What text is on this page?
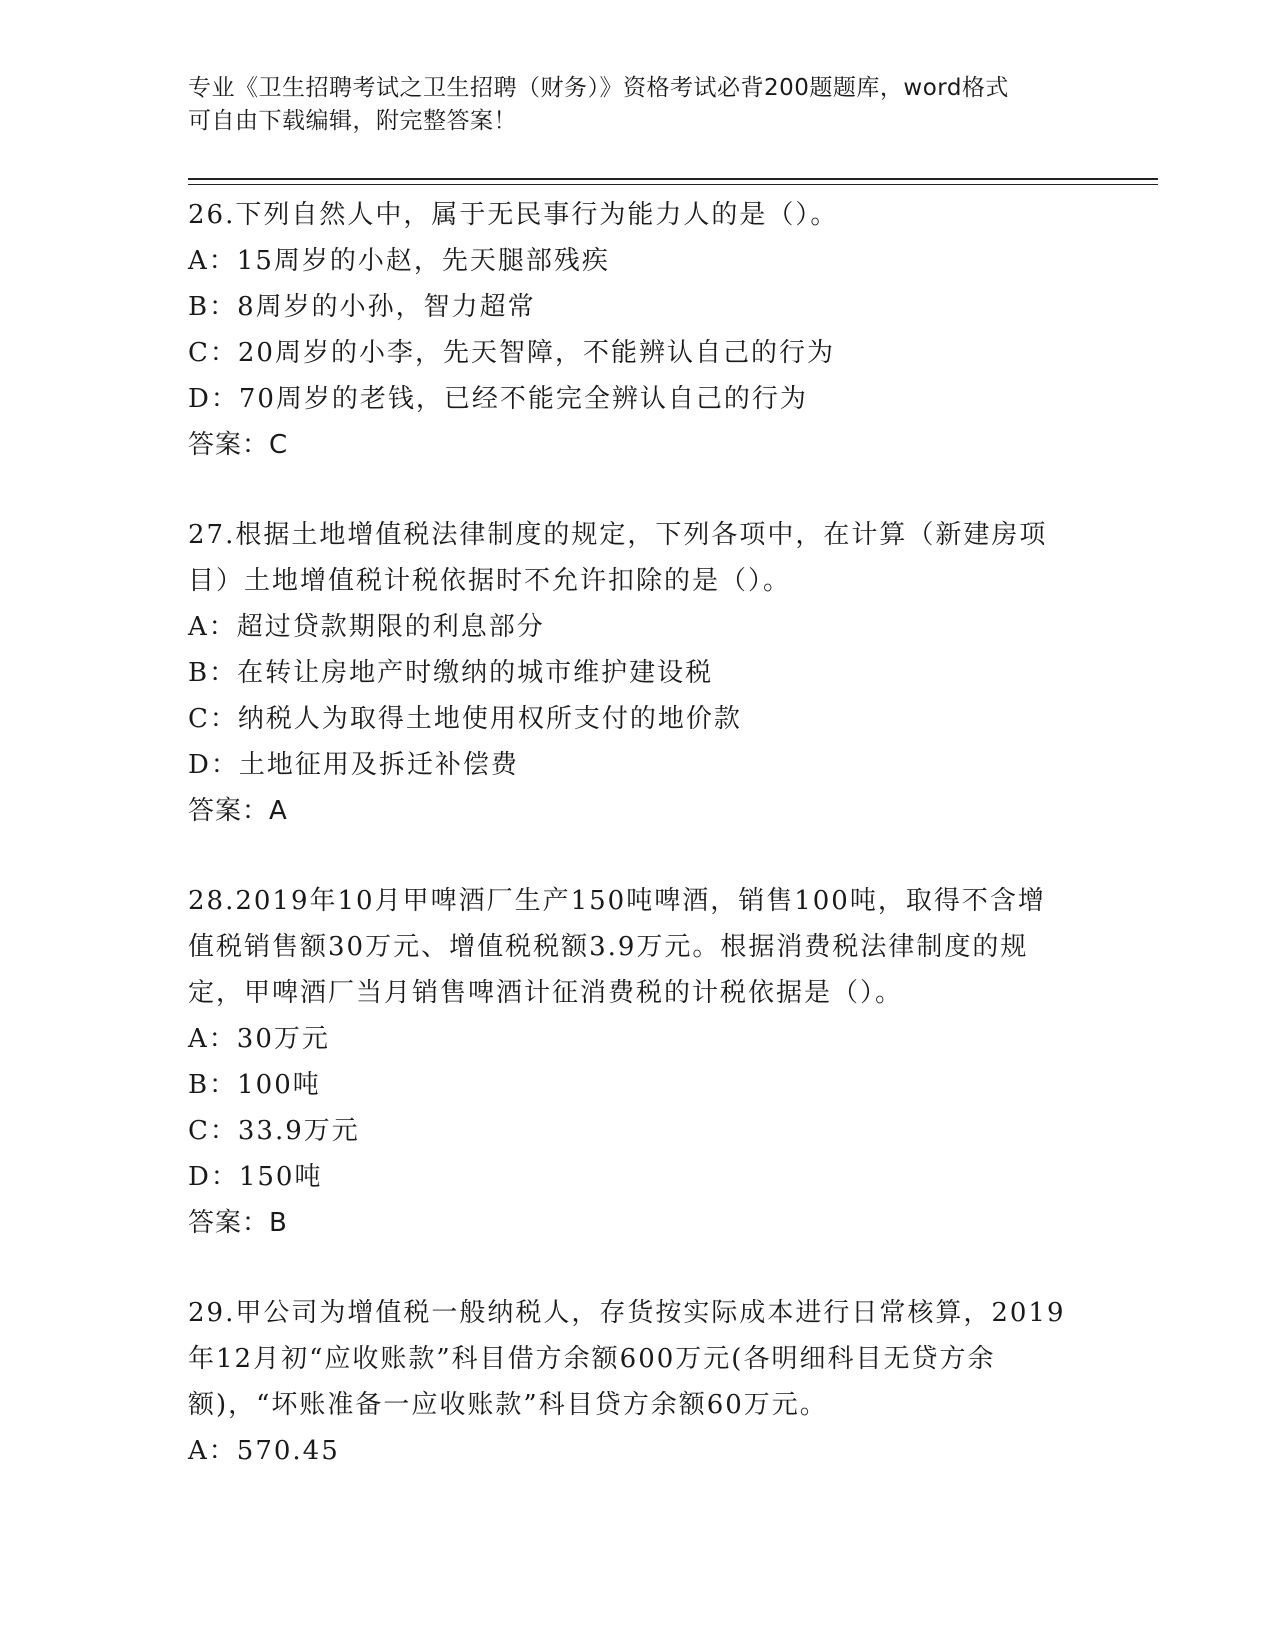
专业《卫生招聘考试之卫生招聘（财务）》资格考试必背200题题库，word格式
可自由下载编辑，附完整答案！
26.下列自然人中，属于无民事行为能力人的是（）。
A：15周岁的小赵，先天腿部残疾
B：8周岁的小孙，智力超常
C：20周岁的小李，先天智障，不能辨认自己的行为
D：70周岁的老钱，已经不能完全辨认自己的行为
答案：C
27.根据土地增值税法律制度的规定，下列各项中，在计算（新建房项
目）土地增值税计税依据时不允许扣除的是（）。
A：超过贷款期限的利息部分
B：在转让房地产时缴纳的城市维护建设税
C：纳税人为取得土地使用权所支付的地价款
D：土地征用及拆迁补偿费
答案：A
28.2019年10月甲啤酒厂生产150吨啤酒，销售100吨，取得不含增
值税销售额30万元、增值税税额3.9万元。根据消费税法律制度的规
定，甲啤酒厂当月销售啤酒计征消费税的计税依据是（）。
A：30万元
B：100吨
C：33.9万元
D：150吨
答案：B
29.甲公司为增值税一般纳税人，存货按实际成本进行日常核算，2019
年12月初“应收账款”科目借方余额600万元(各明细科目无贷方余
额)，“坏账准备一应收账款”科目贷方余额60万元。
A：570.45
